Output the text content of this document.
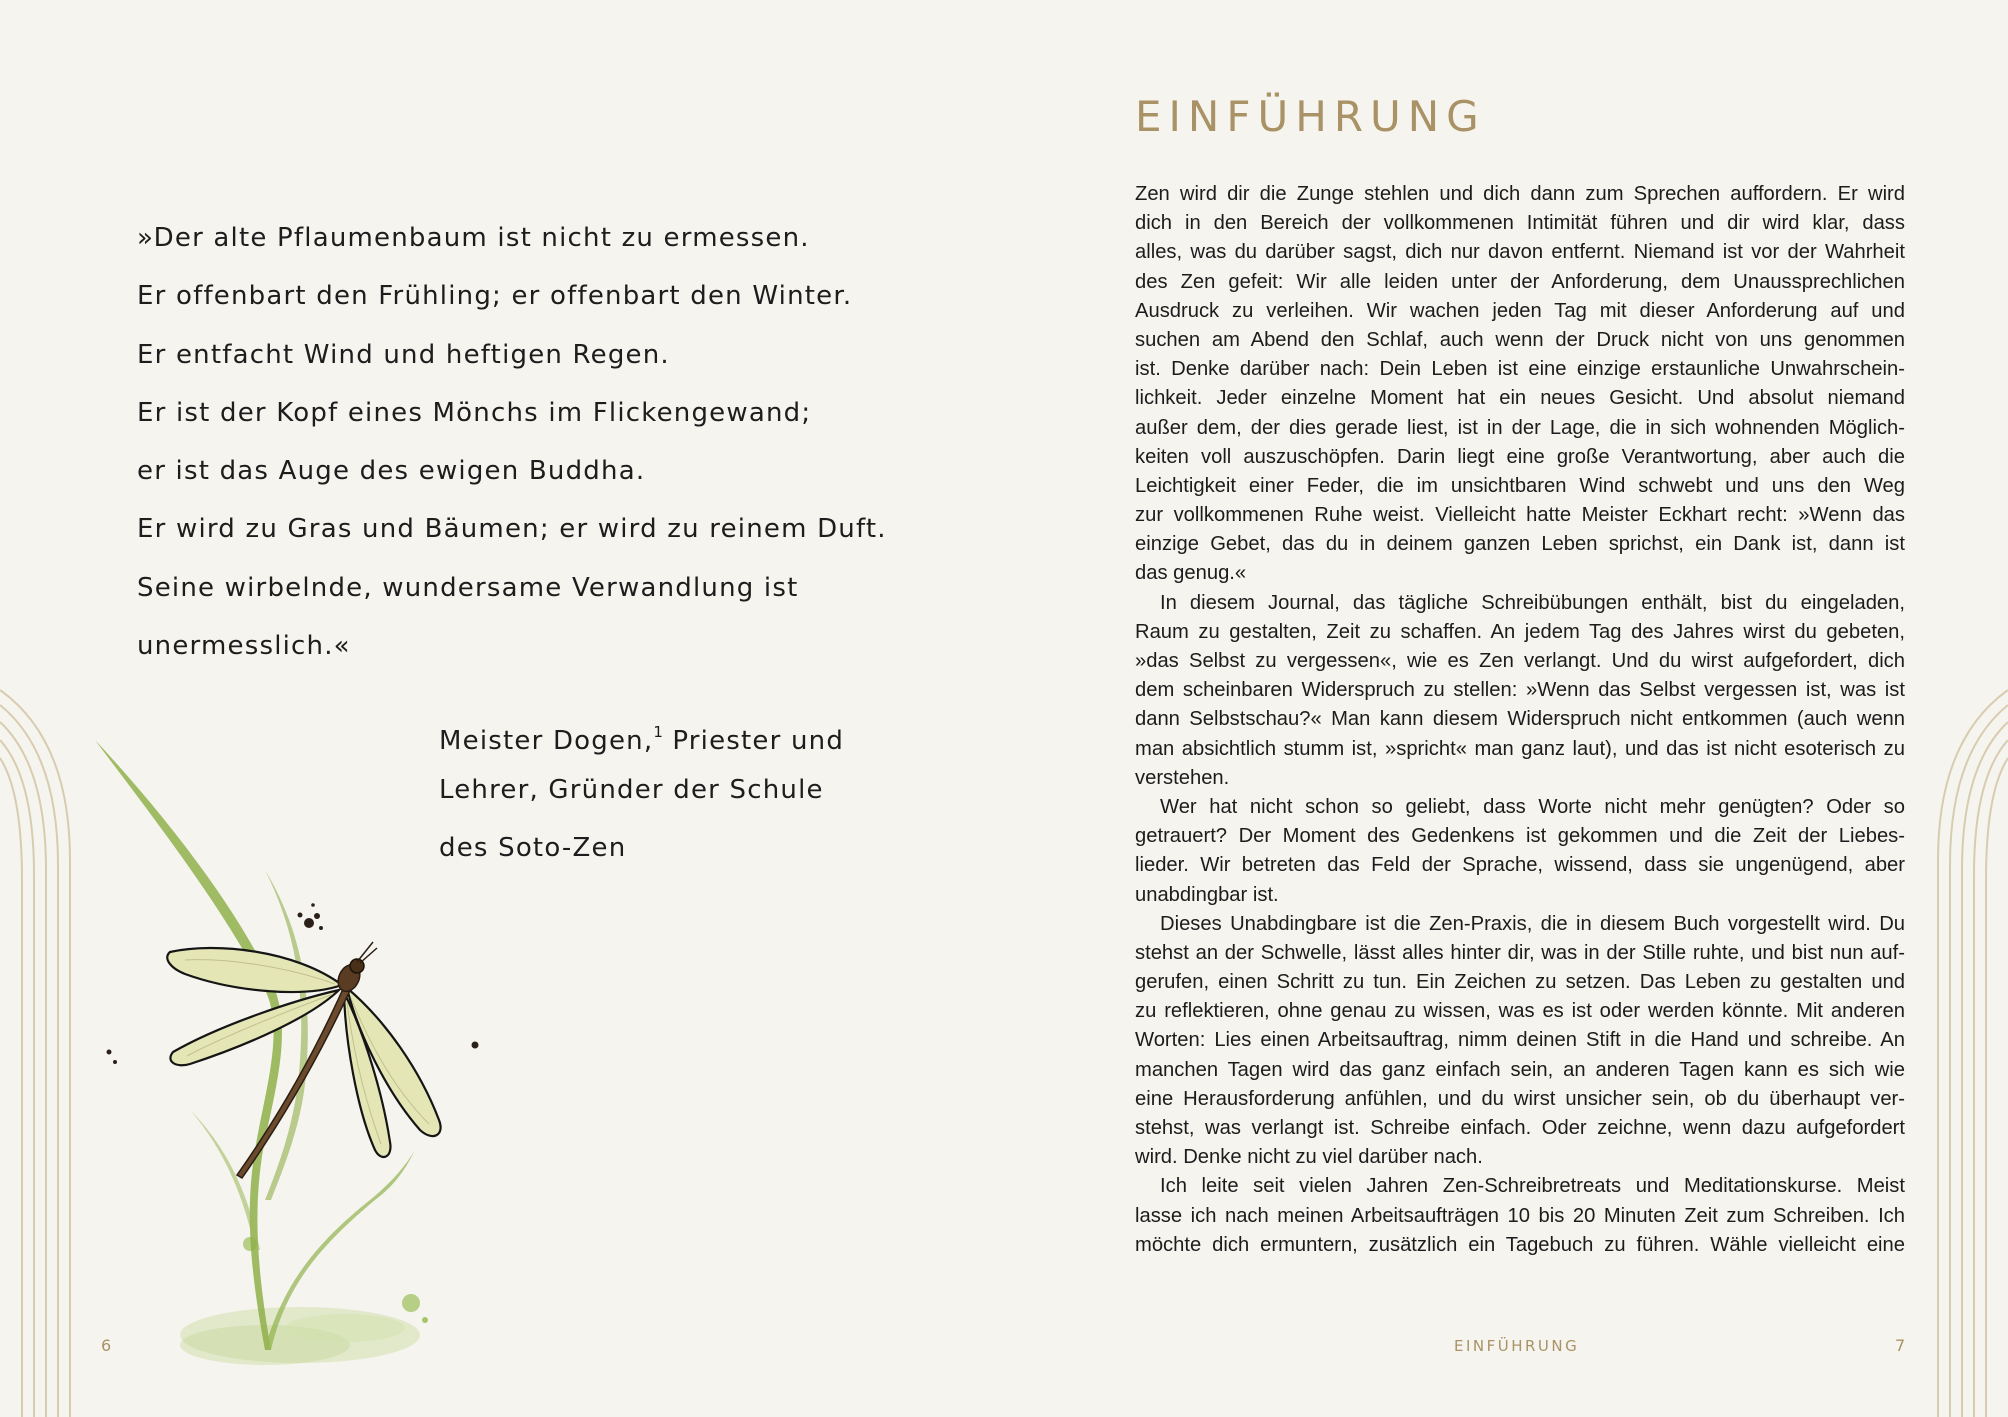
»Der alte Pflaumenbaum ist nicht zu ermessen.
Er offenbart den Frühling; er offenbart den Winter.
Er entfacht Wind und heftigen Regen.
Er ist der Kopf eines Mönchs im Flickengewand;
er ist das Auge des ewigen Buddha.
Er wird zu Gras und Bäumen; er wird zu reinem Duft.
Seine wirbelnde, wundersame Verwandlung ist
unermesslich.«
Meister Dogen,$^1$ Priester und
Lehrer, Gründer der Schule
des Soto-Zen
6
EINFÜHRUNG
Zen wird dir die Zunge stehlen und dich dann zum Sprechen auffordern. Er wird
dich in den Bereich der vollkommenen Intimität führen und dir wird klar, dass
alles, was du darüber sagst, dich nur davon entfernt. Niemand ist vor der Wahrheit
des Zen gefeit: Wir alle leiden unter der Anforderung, dem Unaussprechlichen
Ausdruck zu verleihen. Wir wachen jeden Tag mit dieser Anforderung auf und
suchen am Abend den Schlaf, auch wenn der Druck nicht von uns genommen
ist. Denke darüber nach: Dein Leben ist eine einzige erstaunliche Unwahrschein-
lichkeit. Jeder einzelne Moment hat ein neues Gesicht. Und absolut niemand
außer dem, der dies gerade liest, ist in der Lage, die in sich wohnenden Möglich-
keiten voll auszuschöpfen. Darin liegt eine große Verantwortung, aber auch die
Leichtigkeit einer Feder, die im unsichtbaren Wind schwebt und uns den Weg
zur vollkommenen Ruhe weist. Vielleicht hatte Meister Eckhart recht: »Wenn das
einzige Gebet, das du in deinem ganzen Leben sprichst, ein Dank ist, dann ist
das genug.«
In diesem Journal, das tägliche Schreibübungen enthält, bist du eingeladen,
Raum zu gestalten, Zeit zu schaffen. An jedem Tag des Jahres wirst du gebeten,
»das Selbst zu vergessen«, wie es Zen verlangt. Und du wirst aufgefordert, dich
dem scheinbaren Widerspruch zu stellen: »Wenn das Selbst vergessen ist, was ist
dann Selbstschau?« Man kann diesem Widerspruch nicht entkommen (auch wenn
man absichtlich stumm ist, »spricht« man ganz laut), und das ist nicht esoterisch zu
verstehen.
Wer hat nicht schon so geliebt, dass Worte nicht mehr genügten? Oder so
getrauert? Der Moment des Gedenkens ist gekommen und die Zeit der Liebes-
lieder. Wir betreten das Feld der Sprache, wissend, dass sie ungenügend, aber
unabdingbar ist.
Dieses Unabdingbare ist die Zen-Praxis, die in diesem Buch vorgestellt wird. Du
stehst an der Schwelle, lässt alles hinter dir, was in der Stille ruhte, und bist nun auf-
gerufen, einen Schritt zu tun. Ein Zeichen zu setzen. Das Leben zu gestalten und
zu reflektieren, ohne genau zu wissen, was es ist oder werden könnte. Mit anderen
Worten: Lies einen Arbeitsauftrag, nimm deinen Stift in die Hand und schreibe. An
manchen Tagen wird das ganz einfach sein, an anderen Tagen kann es sich wie
eine Herausforderung anfühlen, und du wirst unsicher sein, ob du überhaupt ver-
stehst, was verlangt ist. Schreibe einfach. Oder zeichne, wenn dazu aufgefordert
wird. Denke nicht zu viel darüber nach.
Ich leite seit vielen Jahren Zen-Schreibretreats und Meditationskurse. Meist
lasse ich nach meinen Arbeitsaufträgen 10 bis 20 Minuten Zeit zum Schreiben. Ich
möchte dich ermuntern, zusätzlich ein Tagebuch zu führen. Wähle vielleicht eine
EINFÜHRUNG	7
